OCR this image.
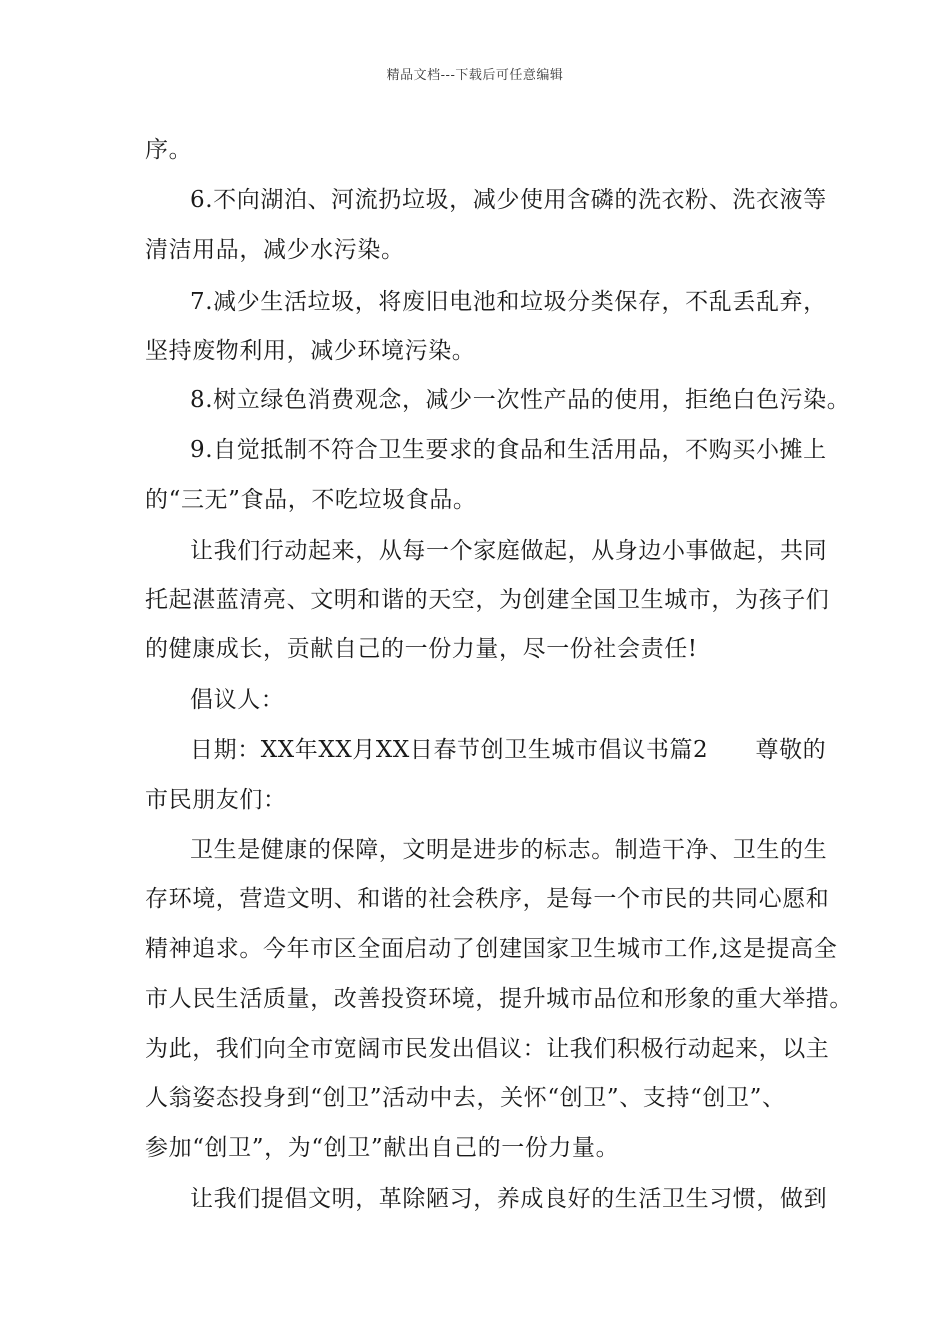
精品文档---下载后可任意编辑
序。
6.不向湖泊、河流扔垃圾，减少使用含磷的洗衣粉、洗衣液等
清洁用品，减少水污染。
7.减少生活垃圾，将废旧电池和垃圾分类保存，不乱丢乱弃，
坚持废物利用，减少环境污染。
8.树立绿色消费观念，减少一次性产品的使用，拒绝白色污染。
9.自觉抵制不符合卫生要求的食品和生活用品，不购买小摊上
的“三无”食品，不吃垃圾食品。
让我们行动起来，从每一个家庭做起，从身边小事做起，共同
托起湛蓝清亮、文明和谐的天空，为创建全国卫生城市，为孩子们
的健康成长，贡献自己的一份力量，尽一份社会责任!
倡议人：
日期：XX年XX月XX日春节创卫生城市倡议书篇2　　尊敬的
市民朋友们：
卫生是健康的保障，文明是进步的标志。制造干净、卫生的生
存环境，营造文明、和谐的社会秩序，是每一个市民的共同心愿和
精神追求。今年市区全面启动了创建国家卫生城市工作,这是提高全
市人民生活质量，改善投资环境，提升城市品位和形象的重大举措。
为此，我们向全市宽阔市民发出倡议：让我们积极行动起来，以主
人翁姿态投身到“创卫”活动中去，关怀“创卫”、支持“创卫”、
参加“创卫”，为“创卫”献出自己的一份力量。
让我们提倡文明，革除陋习，养成良好的生活卫生习惯，做到
